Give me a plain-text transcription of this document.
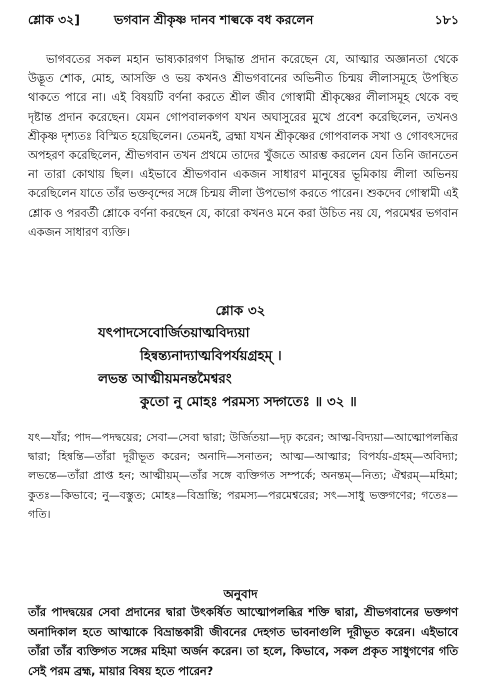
শ্লোক ৩২]	ভগবান শ্রীকৃষ্ণ দানব শাল্বকে বধ করলেন	১৮১
ভাগবতের সকল মহান ভাষ্যকারগণ সিদ্ধান্ত প্রদান করেছেন যে, আত্মার অজ্ঞানতা থেকে উদ্ভূত শোক, মোহ, আসক্তি ও ভয় কখনও শ্রীভগবানের অভিনীত চিন্ময় লীলাসমূহে উপস্থিত থাকতে পারে না। এই বিষয়টি বর্ণনা করতে শ্রীল জীব গোস্বামী শ্রীকৃষ্ণের লীলাসমূহ থেকে বহু দৃষ্টান্ত প্রদান করেছেন। যেমন গোপবালকগণ যখন অঘাসুরের মুখে প্রবেশ করেছিলেন, তখনও শ্রীকৃষ্ণ দৃশ্যতঃ বিস্মিত হয়েছিলেন। তেমনই, ব্রহ্মা যখন শ্রীকৃষ্ণের গোপবালক সখা ও গোবৎসদের অপহরণ করেছিলেন, শ্রীভগবান তখন প্রথমে তাদের খুঁজতে আরম্ভ করলেন যেন তিনি জানতেন না তারা কোথায় ছিল। এইভাবে শ্রীভগবান একজন সাধারণ মানুষের ভূমিকায় লীলা অভিনয় করেছিলেন যাতে তাঁর ভক্তবৃন্দের সঙ্গে চিন্ময় লীলা উপভোগ করতে পারেন। শুকদেব গোস্বামী এই শ্লোক ও পরবর্তী শ্লোকে বর্ণনা করছেন যে, কারো কখনও মনে করা উচিত নয় যে, পরমেশ্বর ভগবান একজন সাধারণ ব্যক্তি।
শ্লোক ৩২
যৎপাদসেবোর্জিতয়াত্মবিদ্যয়া
হিন্বন্ত্যনাদ্যাত্মবিপর্যয়গ্রহম্ ।
লভন্ত আত্মীয়মনন্তমৈশ্বরং
কুতো নু মোহঃ পরমস্য সদ্গতেঃ ॥ ৩২ ॥
যৎ—যাঁর; পাদ—পদদ্বয়ের; সেবা—সেবা দ্বারা; উর্জিতয়া—দৃঢ় করেন; আত্ম-বিদ্যয়া—আত্মোপলব্ধির দ্বারা; হিন্বন্তি—তাঁরা দূরীভূত করেন; অনাদি—সনাতন; আত্ম—আত্মার; বিপর্যয়-গ্রহম্—অবিদ্যা; লভন্তে—তাঁরা প্রাপ্ত হন; আত্মীয়ম্—তাঁর সঙ্গে ব্যক্তিগত সম্পর্কে; অনন্তম্—নিত্য; ঐশ্বরম্—মহিমা; কুতঃ—কিভাবে; নু—বস্তুত; মোহঃ—বিভ্রান্তি; পরমস্য—পরমেশ্বরের; সৎ—সাধু ভক্তগণের; গতেঃ—গতি।
অনুবাদ
তাঁর পাদদ্বয়ের সেবা প্রদানের দ্বারা উৎকর্ষিত আত্মোপলব্ধির শক্তি দ্বারা, শ্রীভগবানের ভক্তগণ অনাদিকাল হতে আত্মাকে বিভ্রান্তকারী জীবনের দেহগত ভাবনাগুলি দূরীভূত করেন। এইভাবে তাঁরা তাঁর ব্যক্তিগত সঙ্গের মহিমা অর্জন করেন। তা হলে, কিভাবে, সকল প্রকৃত সাধুগণের গতি সেই পরম ব্রহ্ম, মায়ার বিষয় হতে পারেন?
